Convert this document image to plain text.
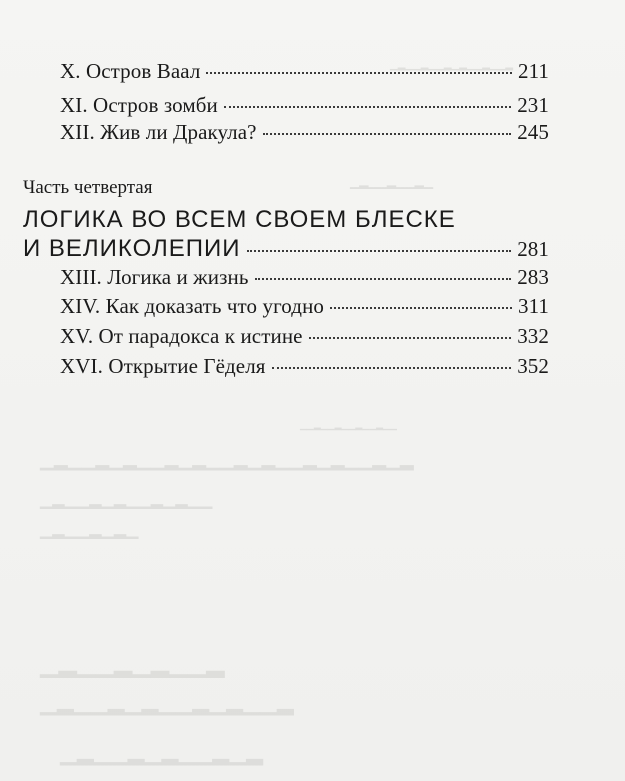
▁▂▁▁▂▁▁▂▁▂▁▁▂▁▁▂
▁▂▁▁▂▁▁▂▁
▁▁▂▁▁▂▁▁▂▁▁▂▁▁
▁▂▁▁▂▁▂▁▁▂▁▂▁▁▂▁▂▁▁▂▁▂▁▁▂▁▂
▁▂▁▁▂▁▂▁▁▂▁▂▁▁
▁▂▁▁▂▁▂▁
▁▂▁▁▂▁▂▁▁▂
▁▂▁▁▂▁▂▁▁▂▁▂▁▁▂
▁▂▁▁▂▁▂▁▁▂▁▂
X. Остров Ваал	211
XI. Остров зомби	231
XII. Жив ли Дракула?	245
Часть четвертая
ЛОГИКА ВО ВСЕМ СВОЕМ БЛЕСКЕ
И ВЕЛИКОЛЕПИИ	281
XIII. Логика и жизнь	283
XIV. Как доказать что угодно	311
XV. От парадокса к истине	332
XVI. Открытие Гёделя	352
